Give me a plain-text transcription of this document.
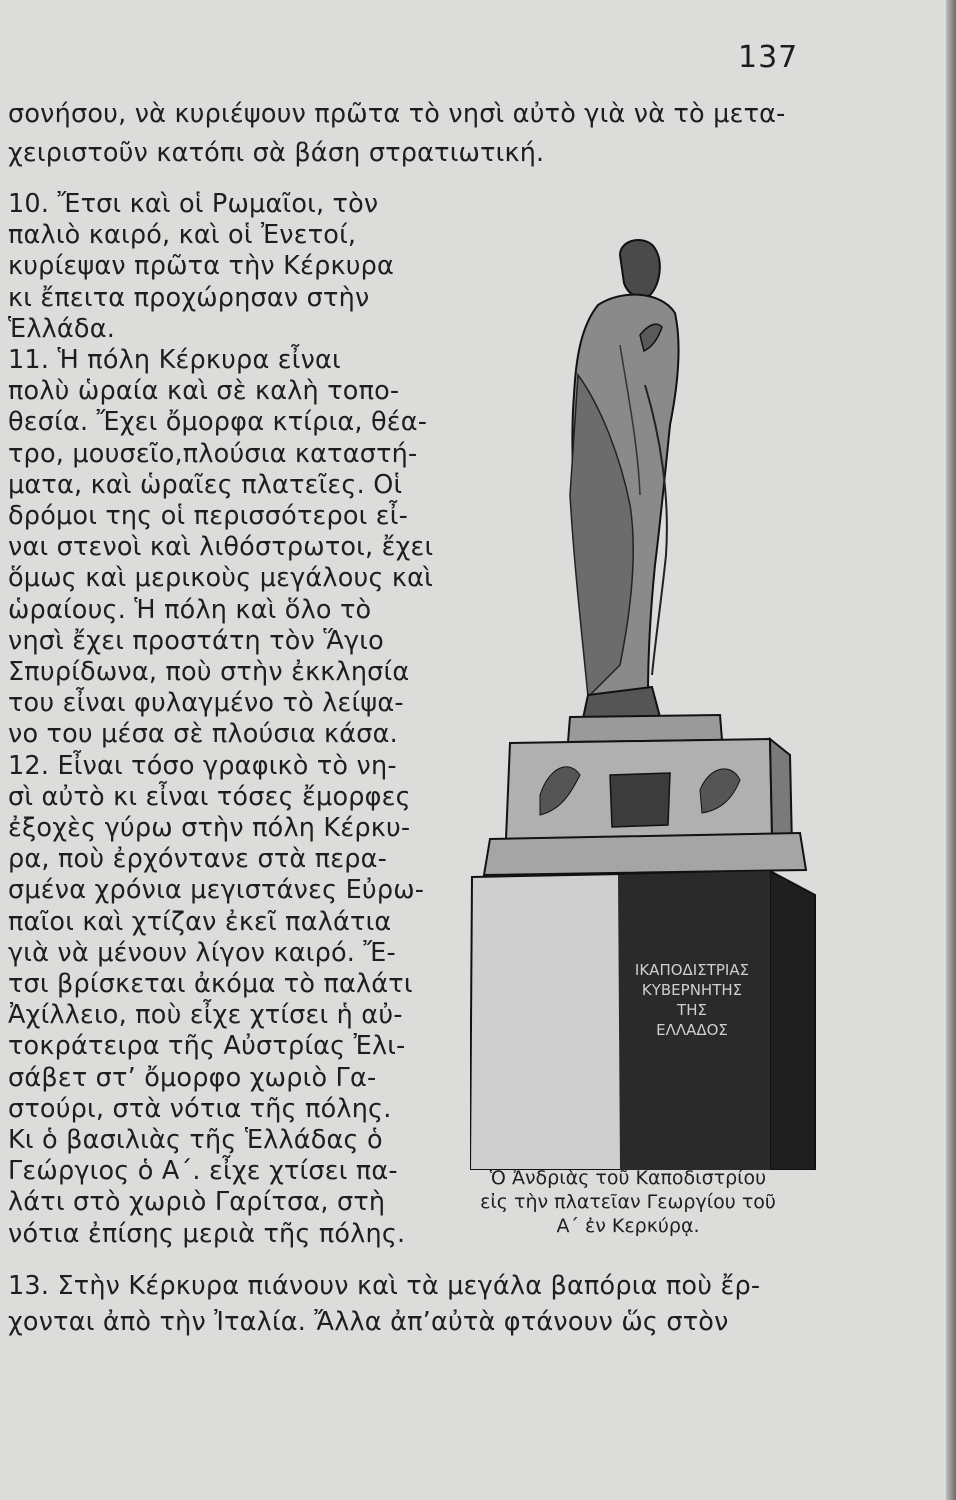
137
σονήσου, νὰ κυριέψουν πρῶτα τὸ νησὶ αὐτὸ γιὰ νὰ τὸ μετα-
χειριστοῦν κατόπι σὰ βάση στρατιωτική.
10. Ἔτσι καὶ οἱ Ρωμαῖοι, τὸν
παλιὸ καιρό, καὶ οἱ Ἐνετοί,
κυρίεψαν πρῶτα τὴν Κέρκυρα
κι ἔπειτα προχώρησαν στὴν
Ἑλλάδα.
11. Ἡ πόλη Κέρκυρα εἶναι
πολὺ ὡραία καὶ σὲ καλὴ τοπο-
θεσία. Ἔχει ὄμορφα κτίρια, θέα-
τρο, μουσεῖο,πλούσια καταστή-
ματα, καὶ ὡραῖες πλατεῖες. Οἱ
δρόμοι της οἱ περισσότεροι εἶ-
ναι στενοὶ καὶ λιθόστρωτοι, ἔχει
ὅμως καὶ μερικοὺς μεγάλους καὶ
ὡραίους. Ἡ πόλη καὶ ὅλο τὸ
νησὶ ἔχει προστάτη τὸν Ἅγιο
Σπυρίδωνα, ποὺ στὴν ἐκκλησία
του εἶναι φυλαγμένο τὸ λείψα-
νο του μέσα σὲ πλούσια κάσα.
12. Εἶναι τόσο γραφικὸ τὸ νη-
σὶ αὐτὸ κι εἶναι τόσες ἔμορφες
ἐξοχὲς γύρω στὴν πόλη Κέρκυ-
ρα, ποὺ ἐρχόντανε στὰ περα-
σμένα χρόνια μεγιστάνες Εὐρω-
παῖοι καὶ χτίζαν ἐκεῖ παλάτια
γιὰ νὰ μένουν λίγον καιρό. Ἔ-
τσι βρίσκεται ἀκόμα τὸ παλάτι
Ἀχίλλειο, ποὺ εἶχε χτίσει ἡ αὐ-
τοκράτειρα τῆς Αὐστρίας Ἐλι-
σάβετ στ’ ὄμορφο χωριὸ Γα-
στούρι, στὰ νότια τῆς πόλης.
Κι ὁ βασιλιὰς τῆς Ἑλλάδας ὁ
Γεώργιος ὁ Α΄. εἶχε χτίσει πα-
λάτι στὸ χωριὸ Γαρίτσα, στὴ
νότια ἐπίσης μεριὰ τῆς πόλης.
13. Στὴν Κέρκυρα πιάνουν καὶ τὰ μεγάλα βαπόρια ποὺ ἔρ-
χονται ἀπὸ τὴν Ἰταλία. Ἄλλα ἀπ’αὐτὰ φτάνουν ὥς στὸν
ΙΚΑΠΟΔΙΣΤΡΙΑΣ
ΚΥΒΕΡΝΗΤΗΣ
ΤΗΣ
ΕΛΛΑΔΟΣ
Ὁ Ἀνδριὰς τοῦ Καποδιστρίου
εἰς τὴν πλατεῖαν Γεωργίου τοῦ
Α΄ ἐν Κερκύρᾳ.
